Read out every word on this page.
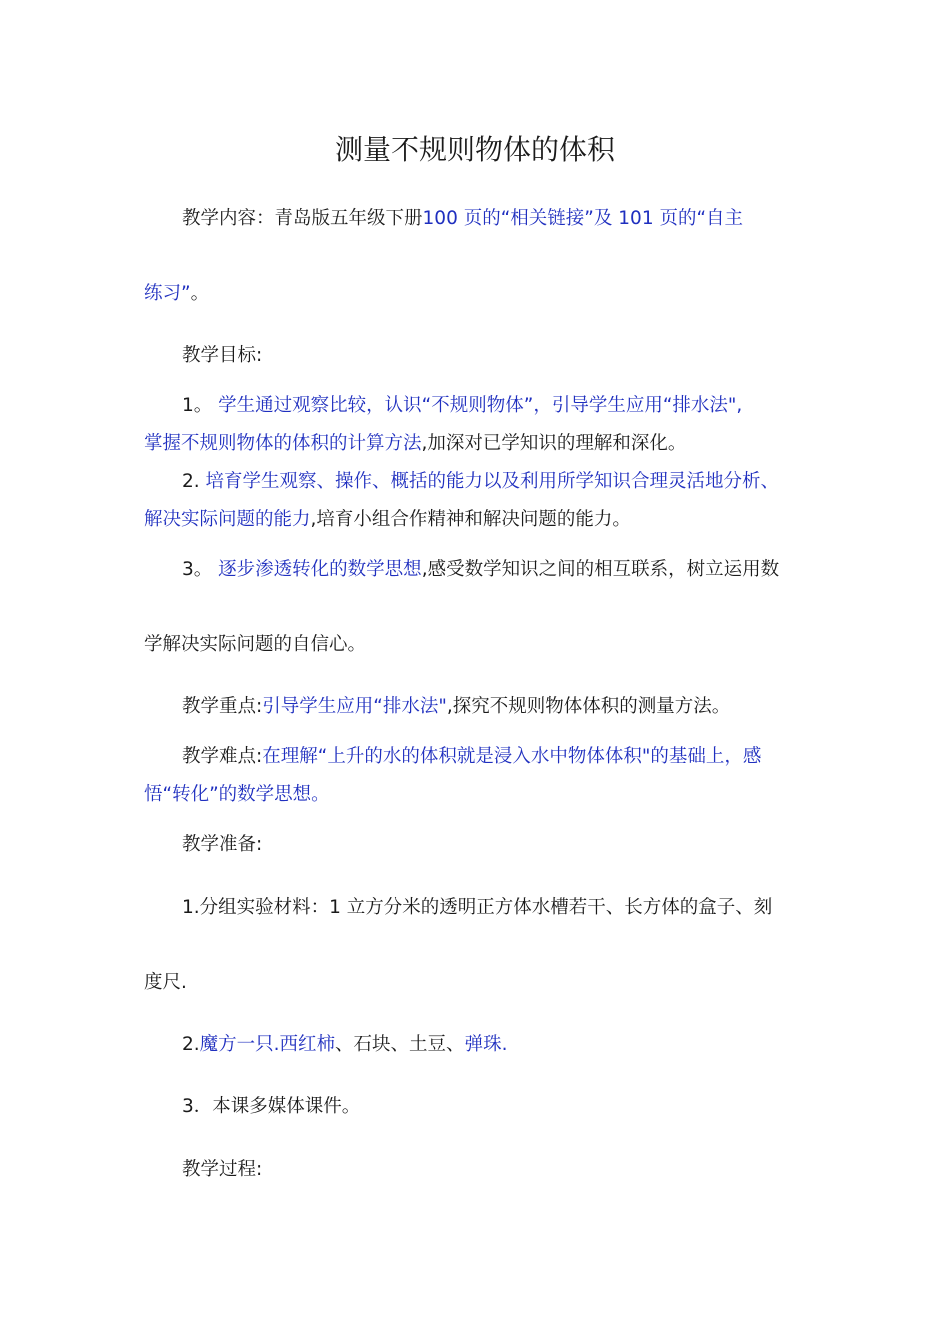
测量不规则物体的体积

教学内容：青岛版五年级下册100 页的“相关链接”及 101 页的“自主

练习”。

教学目标:

1。 学生通过观察比较，认识“不规则物体”，引导学生应用“排水法",

掌握不规则物体的体积的计算方法,加深对已学知识的理解和深化。

2. 培育学生观察、操作、概括的能力以及利用所学知识合理灵活地分析、

解决实际问题的能力,培育小组合作精神和解决问题的能力。

3。 逐步渗透转化的数学思想,感受数学知识之间的相互联系，树立运用数

学解决实际问题的自信心。

教学重点:引导学生应用“排水法",探究不规则物体体积的测量方法。

教学难点:在理解“上升的水的体积就是浸入水中物体体积"的基础上，感

悟“转化”的数学思想。

教学准备:

1.分组实验材料：1 立方分米的透明正方体水槽若干、长方体的盒子、刻

度尺.

2.魔方一只.西红柿、石块、土豆、弹珠.

3．本课多媒体课件。

教学过程:
